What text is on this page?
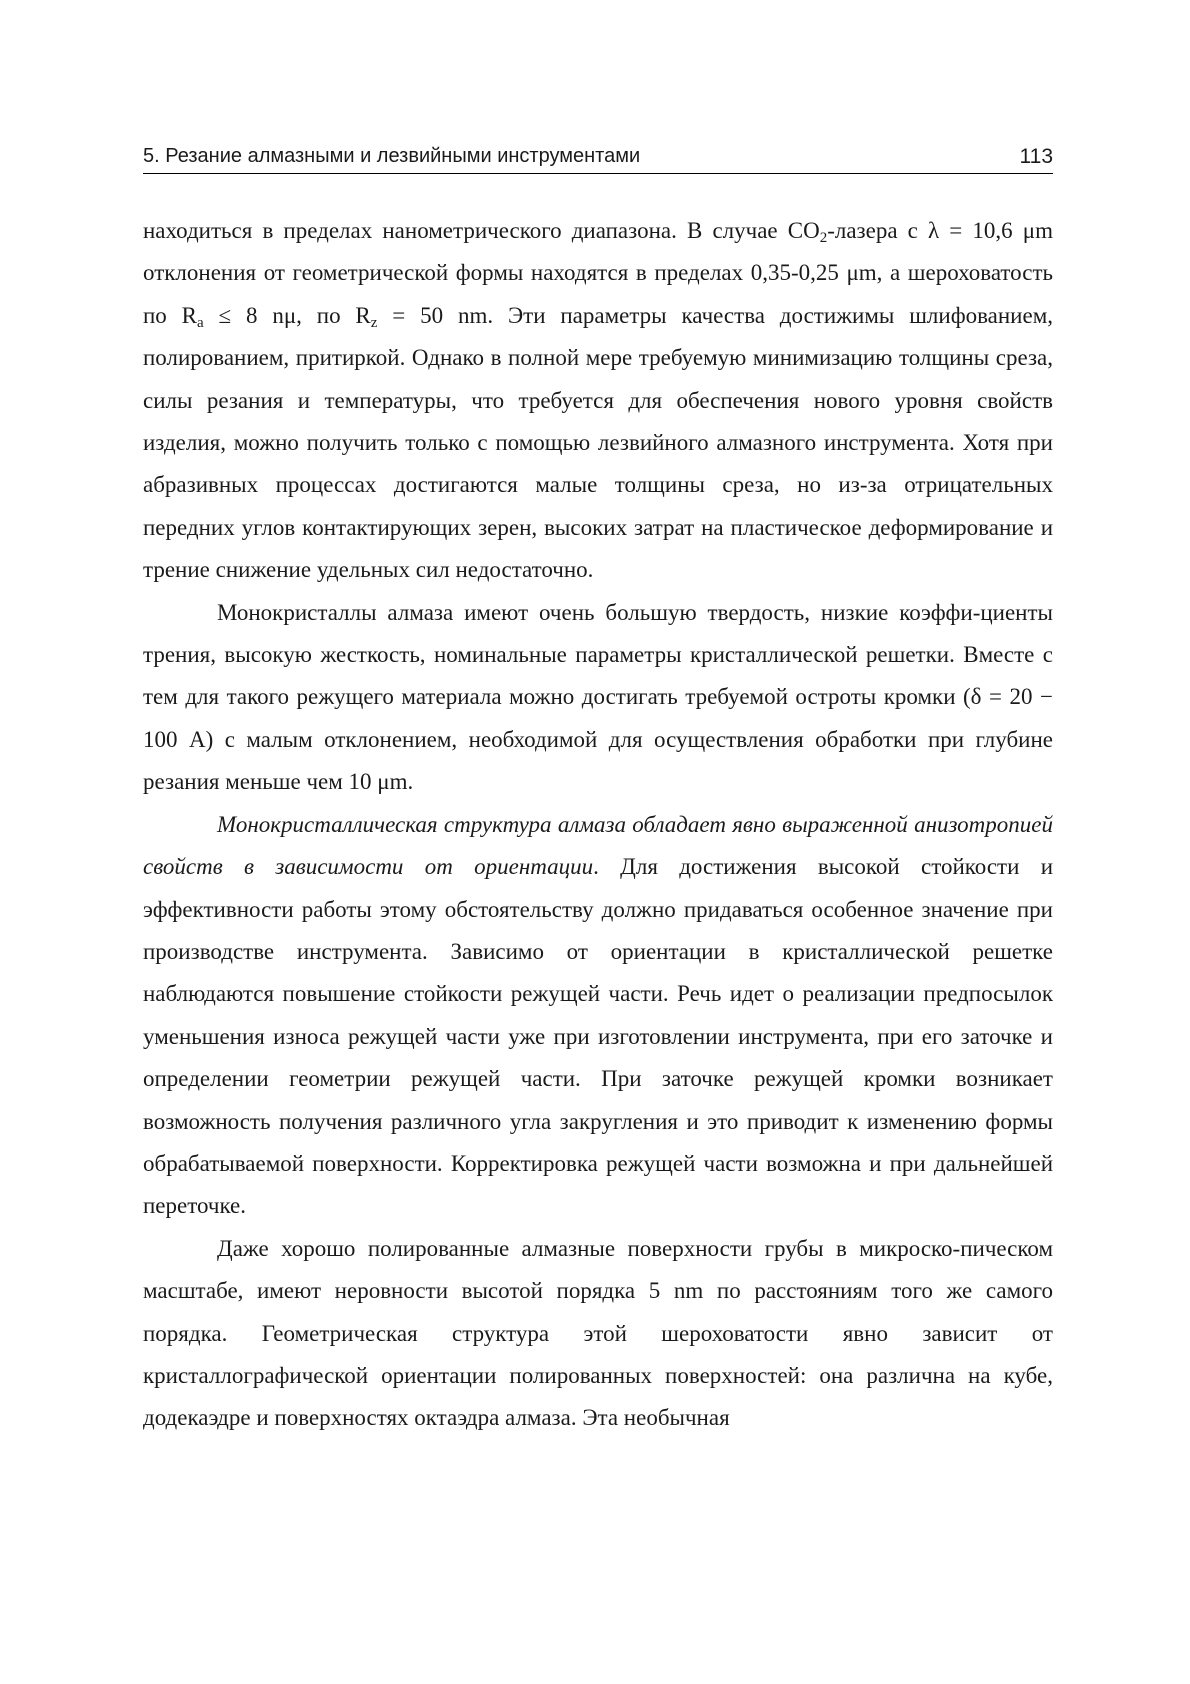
5. Резание алмазными и лезвийными инструментами	113

находиться в пределах нанометрического диапазона. В случае $СО_2$-лазера с λ = 10,6 μm отклонения от геометрической формы находятся в пределах 0,35-0,25 μm, а шероховатость по $R_a \le 8$ nμ, по $R_z = 50$ nm. Эти параметры качества достижимы шлифованием, полированием, притиркой. Однако в полной мере требуемую минимизацию толщины среза, силы резания и температуры, что требуется для обеспечения нового уровня свойств изделия, можно получить только с помощью лезвийного алмазного инструмента. Хотя при абразивных процессах достигаются малые толщины среза, но из-за отрицательных передних углов контактирующих зерен, высоких затрат на пластическое деформирование и трение снижение удельных сил недостаточно.

Монокристаллы алмаза имеют очень большую твердость, низкие коэффи-циенты трения, высокую жесткость, номинальные параметры кристаллической решетки. Вместе с тем для такого режущего материала можно достигать требуемой остроты кромки (δ = 20 − 100 А) с малым отклонением, необходимой для осуществления обработки при глубине резания меньше чем 10 μm.

Монокристаллическая структура алмаза обладает явно выраженной анизотропией свойств в зависимости от ориентации. Для достижения высокой стойкости и эффективности работы этому обстоятельству должно придаваться особенное значение при производстве инструмента. Зависимо от ориентации в кристаллической решетке наблюдаются повышение стойкости режущей части. Речь идет о реализации предпосылок уменьшения износа режущей части уже при изготовлении инструмента, при его заточке и определении геометрии режущей части. При заточке режущей кромки возникает возможность получения различного угла закругления и это приводит к изменению формы обрабатываемой поверхности. Корректировка режущей части возможна и при дальнейшей переточке.

Даже хорошо полированные алмазные поверхности грубы в микроско-пическом масштабе, имеют неровности высотой порядка 5 nm по расстояниям того же самого порядка. Геометрическая структура этой шероховатости явно зависит от кристаллографической ориентации полированных поверхностей: она различна на кубе, додекаэдре и поверхностях октаэдра алмаза. Эта необычная
